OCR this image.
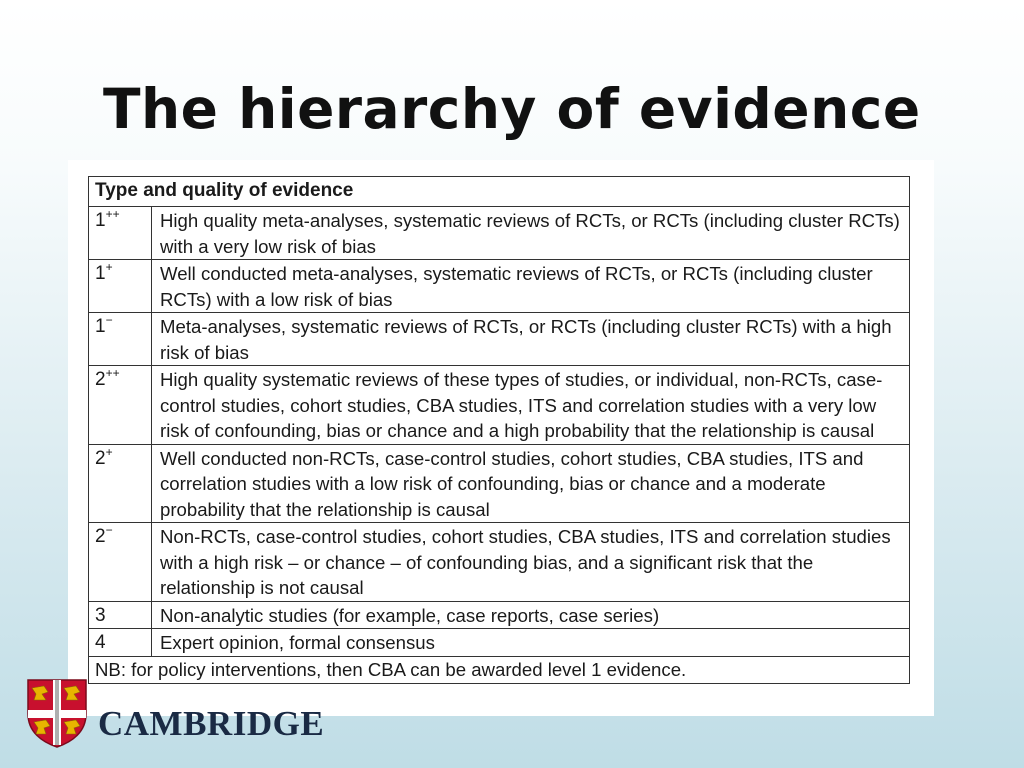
The hierarchy of evidence
Type and quality of evidence	
1++	High quality meta-analyses, systematic reviews of RCTs, or RCTs (including cluster RCTs) with a very low risk of bias
1+	Well conducted meta-analyses, systematic reviews of RCTs, or RCTs (including cluster RCTs) with a low risk of bias
1−	Meta-analyses, systematic reviews of RCTs, or RCTs (including cluster RCTs) with a high risk of bias
2++	High quality systematic reviews of these types of studies, or individual, non-RCTs, case-control studies, cohort studies, CBA studies, ITS and correlation studies with a very low risk of confounding, bias or chance and a high probability that the relationship is causal
2+	Well conducted non-RCTs, case-control studies, cohort studies, CBA studies, ITS and correlation studies with a low risk of confounding, bias or chance and a moderate probability that the relationship is causal
2−	Non-RCTs, case-control studies, cohort studies, CBA studies, ITS and correlation studies with a high risk – or chance – of confounding bias, and a significant risk that the relationship is not causal
3	Non-analytic studies (for example, case reports, case series)
4	Expert opinion, formal consensus
NB: for policy interventions, then CBA can be awarded level 1 evidence.	
CAMBRIDGE
